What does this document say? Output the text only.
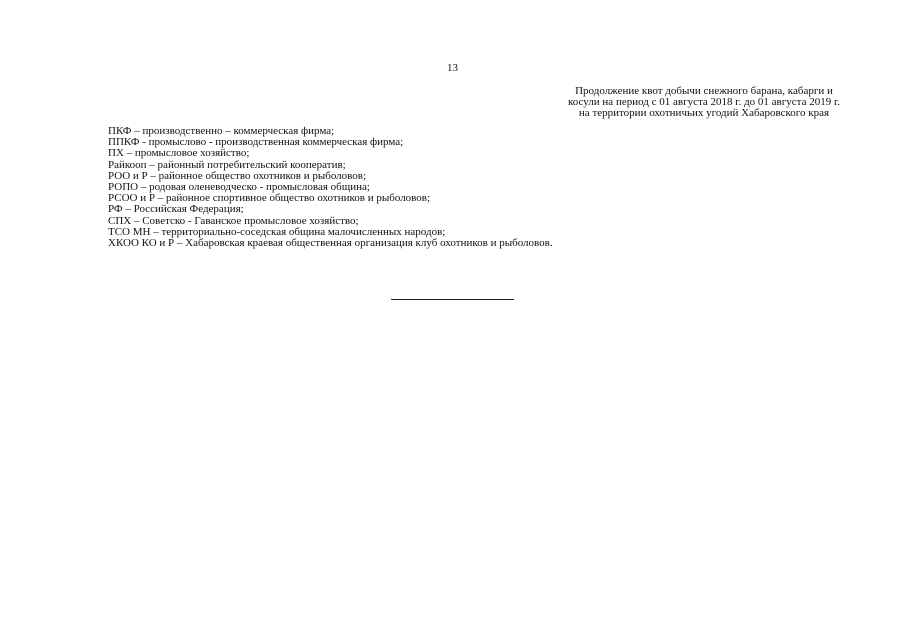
13
Продолжение квот добычи снежного барана, кабарги и
косули на период с 01 августа 2018 г. до 01 августа 2019 г.
на территории охотничьих угодий Хабаровского края
ПКФ – производственно – коммерческая фирма;
ППКФ - промыслово - производственная коммерческая фирма;
ПХ – промысловое хозяйство;
Райкооп – районный потребительский кооператив;
РОО и Р – районное общество охотников и рыболовов;
РОПО – родовая оленеводческо - промысловая община;
РСОО и Р – районное спортивное общество охотников и рыболовов;
РФ – Российская Федерация;
СПХ – Советско - Гаванское промысловое хозяйство;
ТСО МН – территориально-соседская община малочисленных народов;
ХКОО КО и Р – Хабаровская краевая общественная организация клуб охотников и рыболовов.
